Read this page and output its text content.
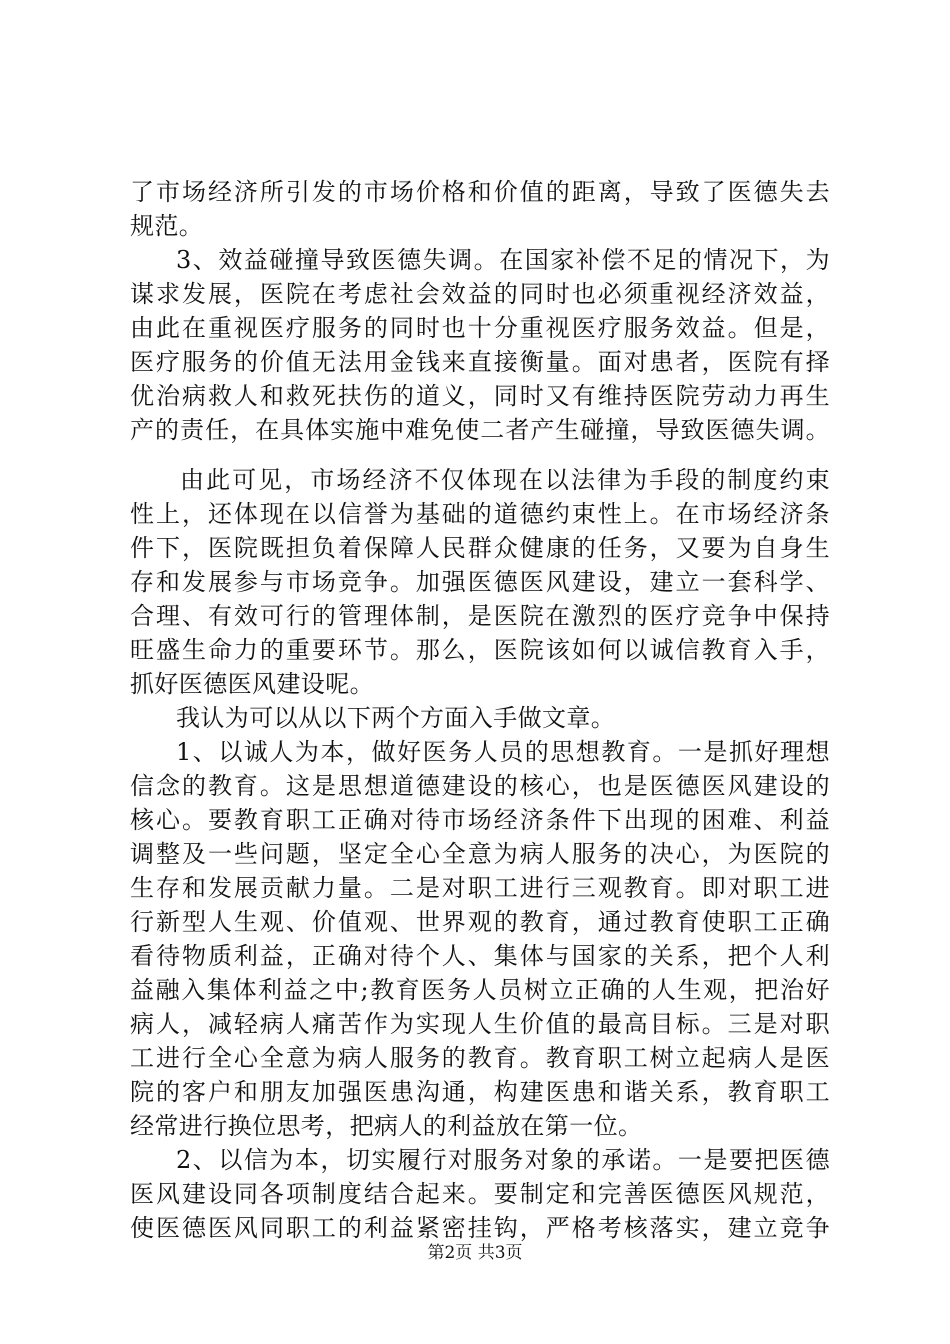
了市场经济所引发的市场价格和价值的距离，导致了医德失去
规范。
3、效益碰撞导致医德失调。在国家补偿不足的情况下，为
谋求发展，医院在考虑社会效益的同时也必须重视经济效益，
由此在重视医疗服务的同时也十分重视医疗服务效益。但是，
医疗服务的价值无法用金钱来直接衡量。面对患者，医院有择
优治病救人和救死扶伤的道义，同时又有维持医院劳动力再生
产的责任，在具体实施中难免使二者产生碰撞，导致医德失调。
由此可见，市场经济不仅体现在以法律为手段的制度约束
性上，还体现在以信誉为基础的道德约束性上。在市场经济条
件下，医院既担负着保障人民群众健康的任务，又要为自身生
存和发展参与市场竞争。加强医德医风建设，建立一套科学、
合理、有效可行的管理体制，是医院在激烈的医疗竞争中保持
旺盛生命力的重要环节。那么，医院该如何以诚信教育入手，
抓好医德医风建设呢。
我认为可以从以下两个方面入手做文章。
1、以诚人为本，做好医务人员的思想教育。一是抓好理想
信念的教育。这是思想道德建设的核心，也是医德医风建设的
核心。要教育职工正确对待市场经济条件下出现的困难、利益
调整及一些问题，坚定全心全意为病人服务的决心，为医院的
生存和发展贡献力量。二是对职工进行三观教育。即对职工进
行新型人生观、价值观、世界观的教育，通过教育使职工正确
看待物质利益，正确对待个人、集体与国家的关系，把个人利
益融入集体利益之中;教育医务人员树立正确的人生观，把治好
病人，减轻病人痛苦作为实现人生价值的最高目标。三是对职
工进行全心全意为病人服务的教育。教育职工树立起病人是医
院的客户和朋友加强医患沟通，构建医患和谐关系，教育职工
经常进行换位思考，把病人的利益放在第一位。
2、以信为本，切实履行对服务对象的承诺。一是要把医德
医风建设同各项制度结合起来。要制定和完善医德医风规范，
使医德医风同职工的利益紧密挂钩，严格考核落实，建立竞争
第2页 共3页
